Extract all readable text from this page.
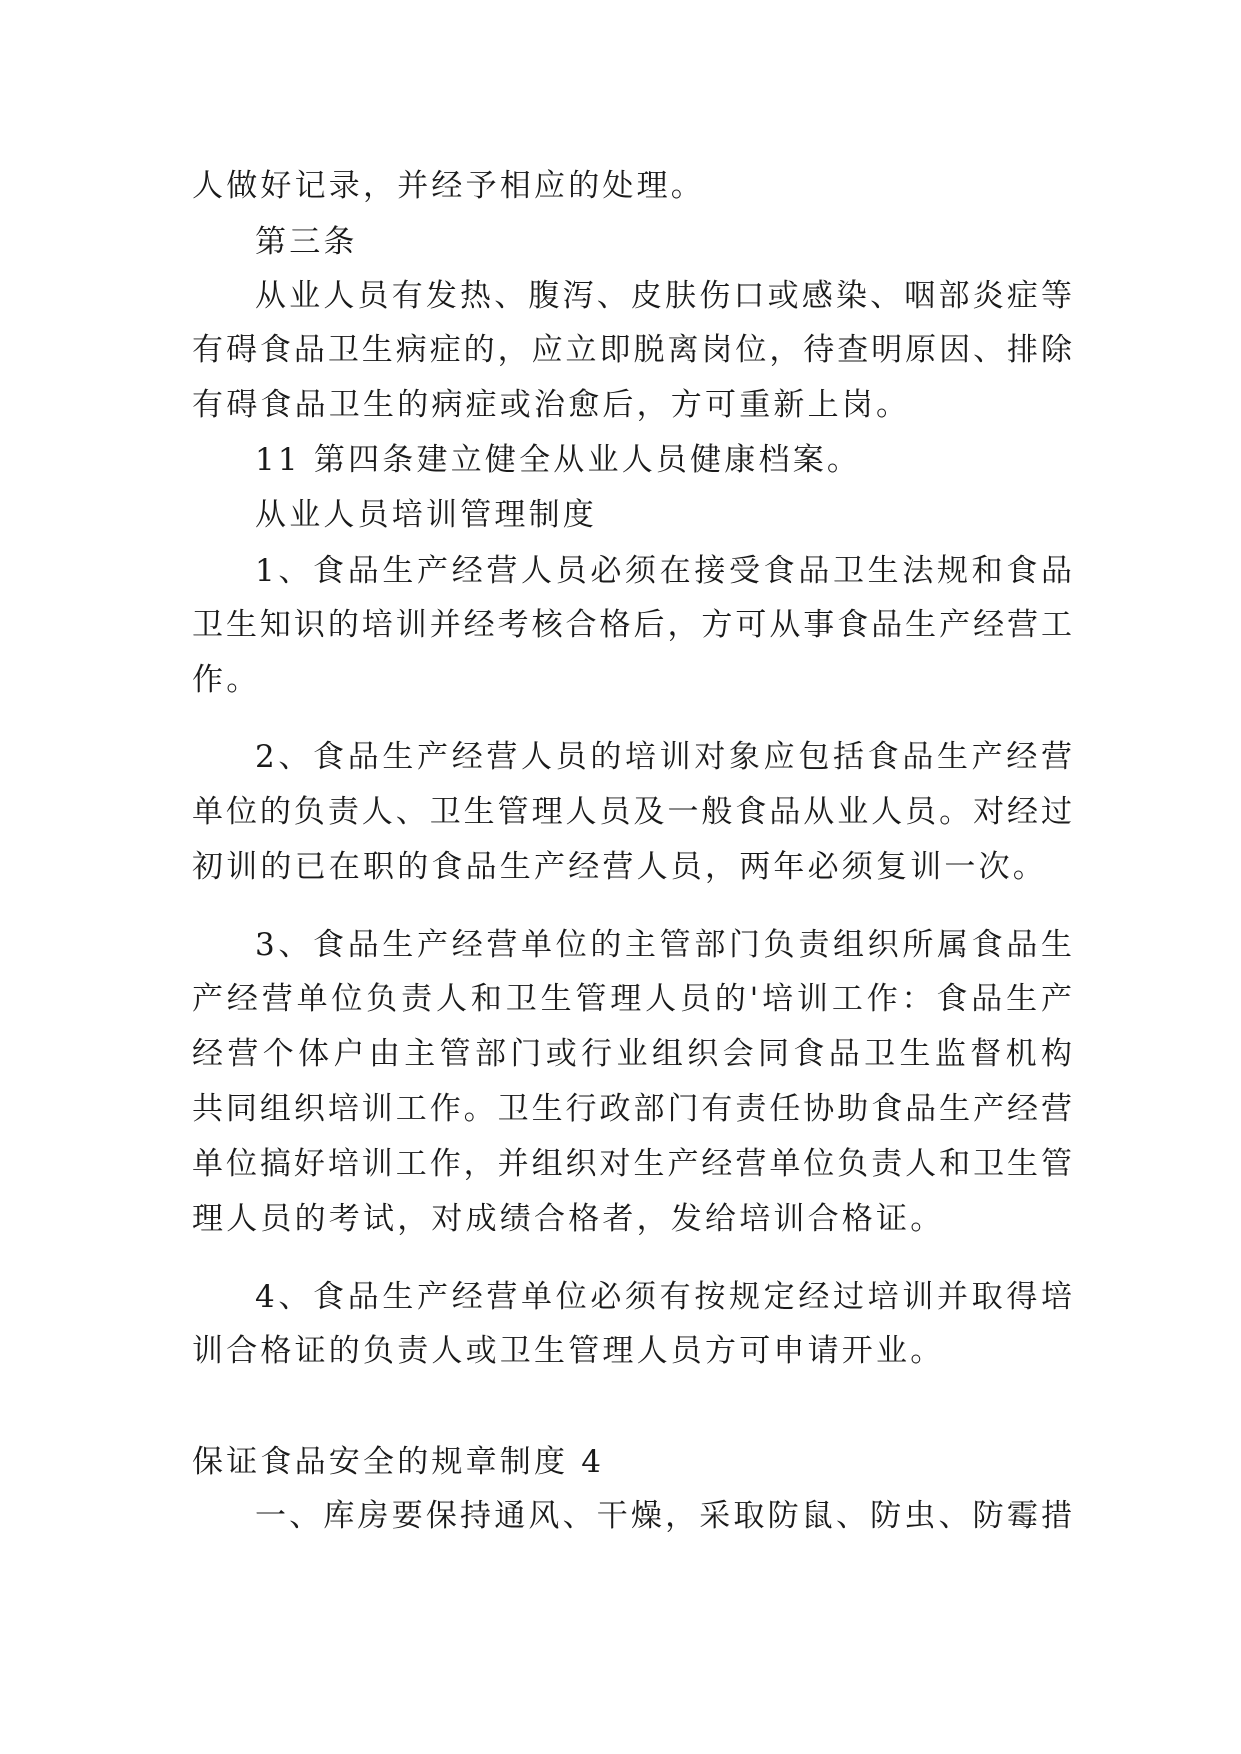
人做好记录，并经予相应的处理。
第三条
从业人员有发热、腹泻、皮肤伤口或感染、咽部炎症等
有碍食品卫生病症的，应立即脱离岗位，待查明原因、排除
有碍食品卫生的病症或治愈后，方可重新上岗。
11 第四条建立健全从业人员健康档案。
从业人员培训管理制度
1、食品生产经营人员必须在接受食品卫生法规和食品
卫生知识的培训并经考核合格后，方可从事食品生产经营工
作。
2、食品生产经营人员的培训对象应包括食品生产经营
单位的负责人、卫生管理人员及一般食品从业人员。对经过
初训的已在职的食品生产经营人员，两年必须复训一次。
3、食品生产经营单位的主管部门负责组织所属食品生
产经营单位负责人和卫生管理人员的'培训工作：食品生产
经营个体户由主管部门或行业组织会同食品卫生监督机构
共同组织培训工作。卫生行政部门有责任协助食品生产经营
单位搞好培训工作，并组织对生产经营单位负责人和卫生管
理人员的考试，对成绩合格者，发给培训合格证。
4、食品生产经营单位必须有按规定经过培训并取得培
训合格证的负责人或卫生管理人员方可申请开业。
保证食品安全的规章制度 4
一、库房要保持通风、干燥，采取防鼠、防虫、防霉措
